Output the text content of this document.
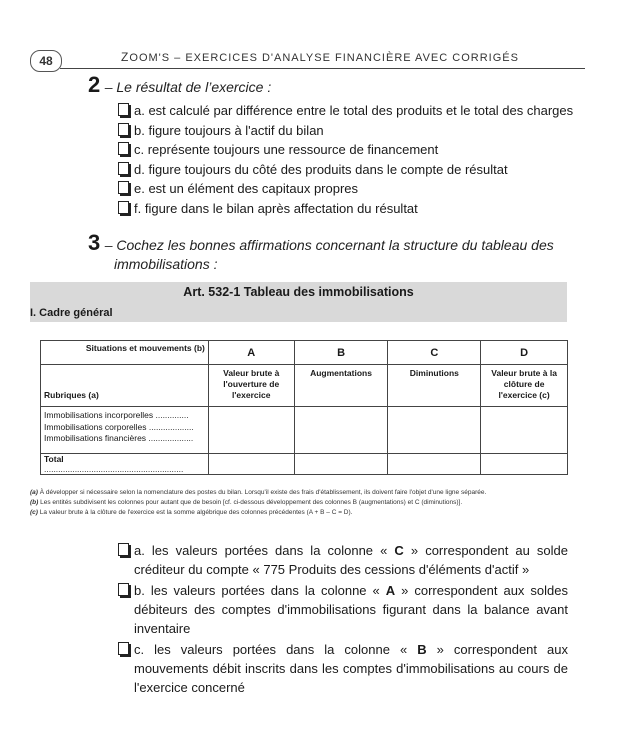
48	ZOOM'S – EXERCICES D'ANALYSE FINANCIÈRE AVEC CORRIGÉS
2 – Le résultat de l’exercice :
a. est calculé par différence entre le total des produits et le total des charges
b. figure toujours à l'actif du bilan
c. représente toujours une ressource de financement
d. figure toujours du côté des produits dans le compte de résultat
e. est un élément des capitaux propres
f. figure dans le bilan après affectation du résultat
3 – Cochez les bonnes affirmations concernant la structure du tableau des
immobilisations :
Art. 532-1 Tableau des immobilisations
I. Cadre général
Situations et mouvements (b)	A	B	C	D
Rubriques (a)	Valeur brute à l'ouverture de l'exercice	Augmentations	Diminutions	Valeur brute à la clôture de l'exercice (c)

Immobilisations incorporelles ..............
Immobilisations corporelles ...................
Immobilisations financières ...................				

Total ...........................................................				
(a) À développer si nécessaire selon la nomenclature des postes du bilan. Lorsqu'il existe des frais d'établissement, ils doivent faire l'objet d'une ligne séparée.
(b) Les entités subdivisent les colonnes pour autant que de besoin [cf. ci-dessous développement des colonnes B (augmentations) et C (diminutions)].
(c) La valeur brute à la clôture de l'exercice est la somme algébrique des colonnes précédentes (A + B – C = D).
a. les valeurs portées dans la colonne « C » correspondent au solde créditeur du compte « 775 Produits des cessions d'éléments d'actif »
b. les valeurs portées dans la colonne « A » correspondent aux soldes débiteurs des comptes d'immobilisations figurant dans la balance avant inventaire
c. les valeurs portées dans la colonne « B » correspondent aux mouvements débit inscrits dans les comptes d'immobilisations au cours de l'exercice concerné
